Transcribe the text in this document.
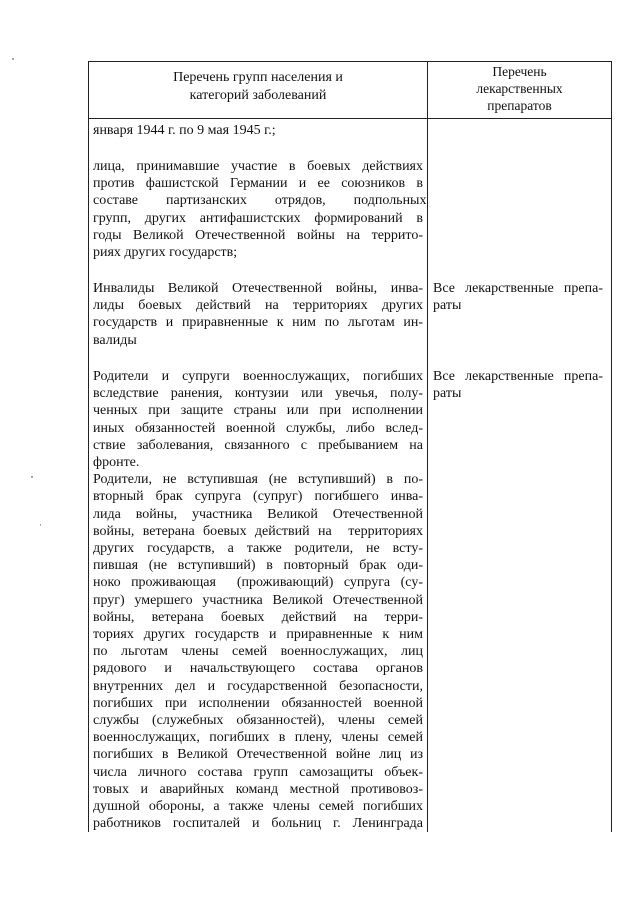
Перечень групп населения и
категорий заболеваний
Перечень
лекарственных
препаратов
января 1944 г. по 9 мая 1945 г.;
лица, принимавшие участие в боевых действиях
против фашистской Германии и ее союзников в
составе        партизанских        отрядов,        подпольных
групп, других антифашистских формирований в
годы Великой Отечественной войны на террито-
риях других государств;
Инвалиды Великой Отечественной войны, инва-
лиды боевых действий на территориях других
государств и приравненные к ним по льготам ин-
валиды
Все лекарственные препа-
раты
Родители и супруги военнослужащих, погибших
вследствие ранения, контузии или увечья, полу-
ченных при защите страны или при исполнении
иных обязанностей военной службы, либо вслед-
ствие заболевания, связанного с пребыванием на
фронте.
Родители, не вступившая (не вступивший) в по-
вторный брак супруга (супруг) погибшего инва-
лида войны, участника Великой Отечественной
войны, ветерана боевых действий на  территориях
других государств, а также родители, не всту-
пившая (не вступивший) в повторный брак оди-
ноко проживающая  (проживающий) супруга (су-
пруг) умершего участника Великой Отечественной
войны, ветерана боевых действий на терри-
ториях других государств и приравненные к ним
по льготам члены семей военнослужащих, лиц
рядового   и   начальствующего   состава   органов
внутренних дел и государственной безопасности,
погибших при исполнении обязанностей военной
службы (служебных обязанностей), члены семей
военнослужащих, погибших в плену, члены семей
погибших в Великой Отечественной войне лиц из
числа личного состава групп самозащиты объек-
товых и аварийных команд местной противовоз-
душной обороны, а также члены семей погибших
работников госпиталей и больниц г. Ленинграда
Все лекарственные препа-
раты
